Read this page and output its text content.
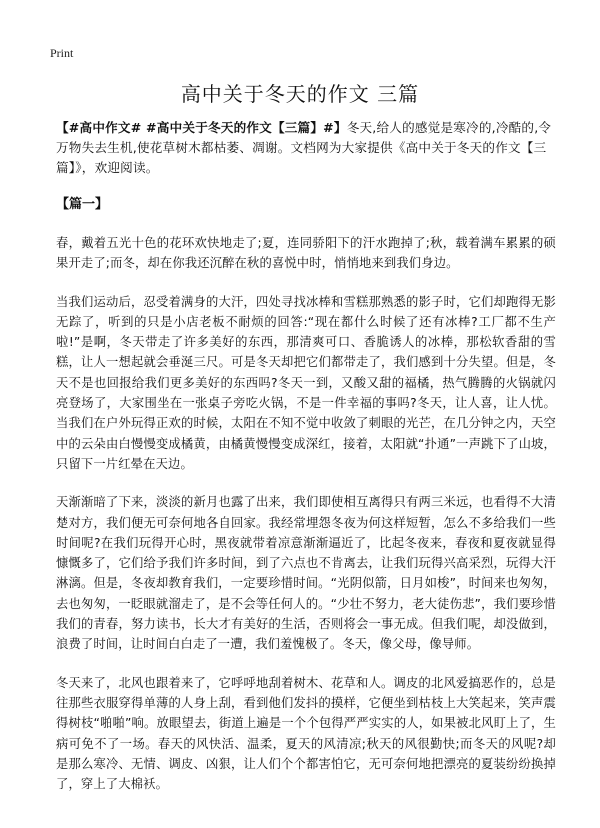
Print
高中关于冬天的作文 三篇

【#高中作文# #高中关于冬天的作文【三篇】#】冬天,给人的感觉是寒冷的,冷酷的,令万物失去生机,使花草树木都枯萎、凋谢。文档网为大家提供《高中关于冬天的作文【三篇】》，欢迎阅读。

【篇一】

春，戴着五光十色的花环欢快地走了;夏，连同骄阳下的汗水跑掉了;秋，载着满车累累的硕果开走了;而冬，却在你我还沉醉在秋的喜悦中时，悄悄地来到我们身边。

当我们运动后，忍受着满身的大汗，四处寻找冰棒和雪糕那熟悉的影子时，它们却跑得无影无踪了，听到的只是小店老板不耐烦的回答:“现在都什么时候了还有冰棒?工厂都不生产啦!”是啊，冬天带走了许多美好的东西，那清爽可口、香脆诱人的冰棒，那松软香甜的雪糕，让人一想起就会垂涎三尺。可是冬天却把它们都带走了，我们感到十分失望。但是，冬天不是也回报给我们更多美好的东西吗?冬天一到，又酸又甜的福橘，热气腾腾的火锅就闪亮登场了，大家围坐在一张桌子旁吃火锅，不是一件幸福的事吗?冬天，让人喜，让人忧。当我们在户外玩得正欢的时候，太阳在不知不觉中收敛了刺眼的光芒，在几分钟之内，天空中的云朵由白慢慢变成橘黄，由橘黄慢慢变成深红，接着，太阳就“扑通”一声跳下了山坡，只留下一片红晕在天边。

天渐渐暗了下来，淡淡的新月也露了出来，我们即使相互离得只有两三米远，也看得不大清楚对方，我们便无可奈何地各自回家。我经常埋怨冬夜为何这样短暂，怎么不多给我们一些时间呢?在我们玩得开心时，黑夜就带着凉意渐渐逼近了，比起冬夜来，春夜和夏夜就显得慷慨多了，它们给予我们许多时间，到了六点也不肯离去，让我们玩得兴高采烈，玩得大汗淋漓。但是，冬夜却教育我们，一定要珍惜时间。“光阴似箭，日月如梭”，时间来也匆匆，去也匆匆，一眨眼就溜走了，是不会等任何人的。“少壮不努力，老大徒伤悲”，我们要珍惜我们的青春，努力读书，长大才有美好的生活，否则将会一事无成。但我们呢，却没做到，浪费了时间，让时间白白走了一遭，我们羞愧极了。冬天，像父母，像导师。

冬天来了，北风也跟着来了，它呼呼地刮着树木、花草和人。调皮的北风爱搞恶作的，总是往那些衣服穿得单薄的人身上刮，看到他们发抖的摸样，它便坐到枯枝上大笑起来，笑声震得树枝“啪啪”响。放眼望去，街道上遍是一个个包得严严实实的人，如果被北风盯上了，生病可免不了一场。春天的风快活、温柔，夏天的风清凉;秋天的风很勤快;而冬天的风呢?却是那么寒冷、无情、调皮、凶狠，让人们个个都害怕它，无可奈何地把漂亮的夏装纷纷换掉了，穿上了大棉袄。
